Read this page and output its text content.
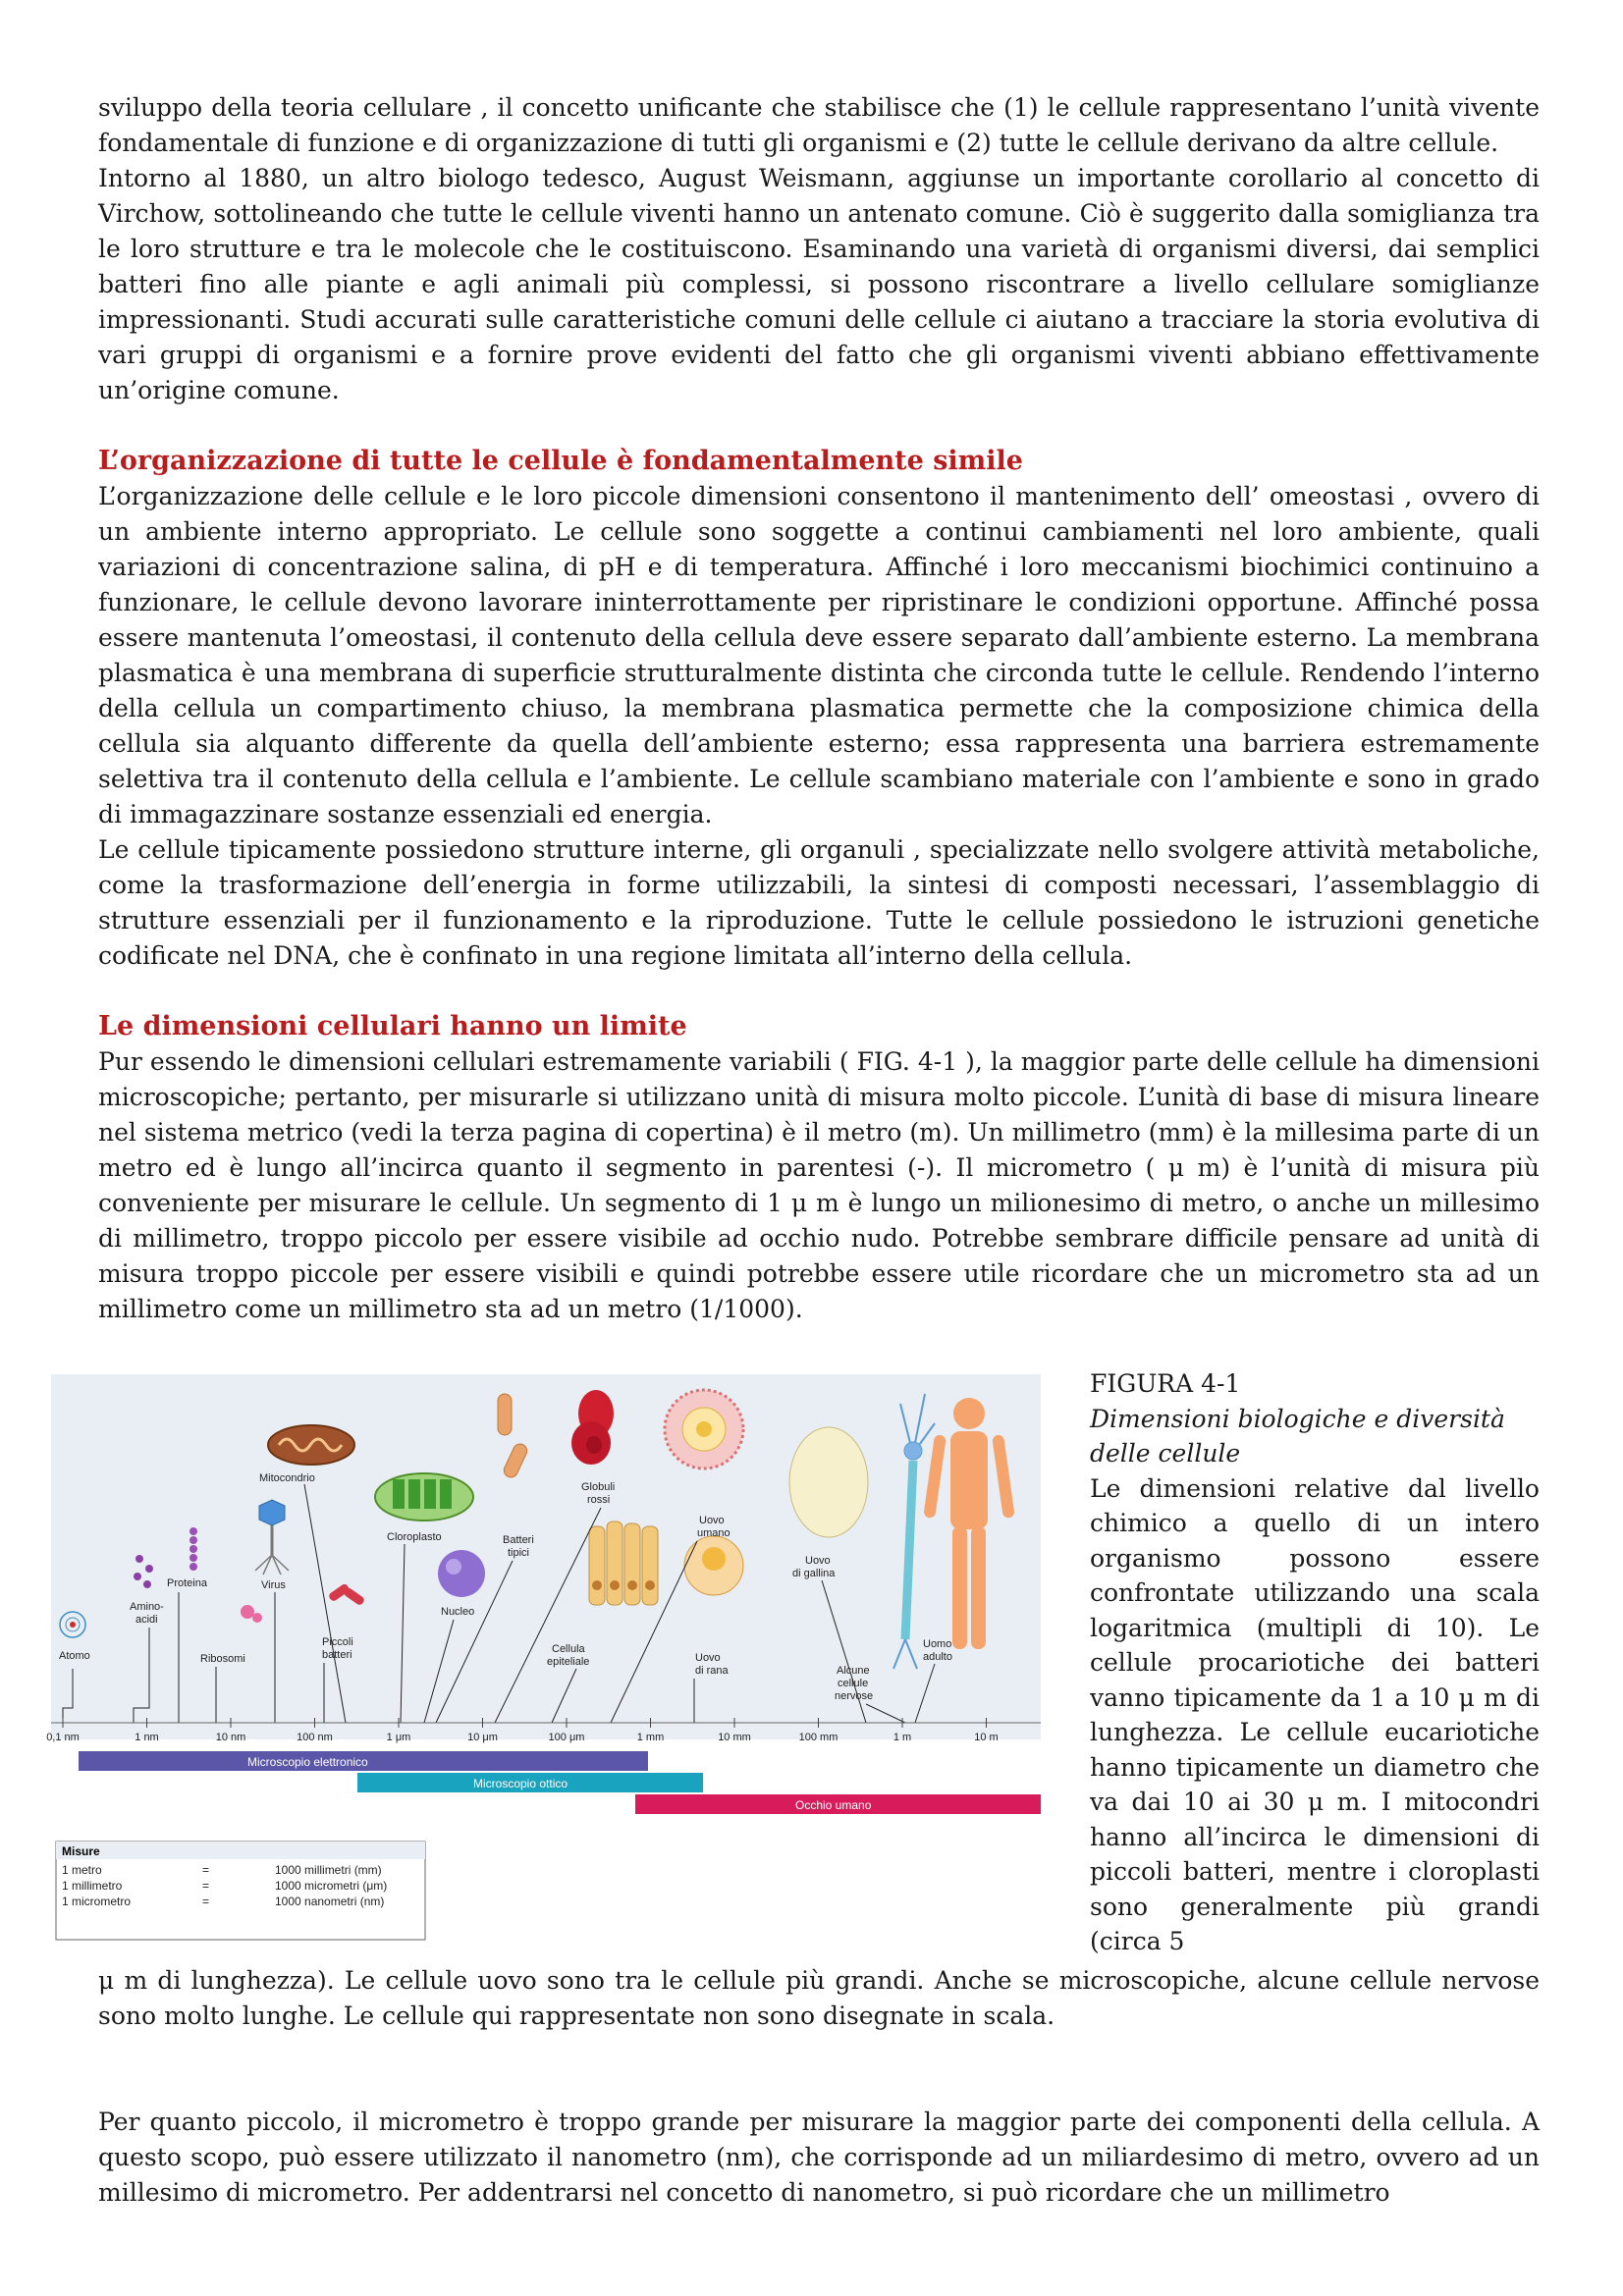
sviluppo della teoria cellulare , il concetto unificante che stabilisce che (1) le cellule rappresentano l’unità vivente fondamentale di funzione e di organizzazione di tutti gli organismi e (2) tutte le cellule derivano da altre cellule.

Intorno al 1880, un altro biologo tedesco, August Weismann, aggiunse un importante corollario al concetto di Virchow, sottolineando che tutte le cellule viventi hanno un antenato comune. Ciò è suggerito dalla somiglianza tra le loro strutture e tra le molecole che le costituiscono. Esaminando una varietà di organismi diversi, dai semplici batteri fino alle piante e agli animali più complessi, si possono riscontrare a livello cellulare somiglianze impressionanti. Studi accurati sulle caratteristiche comuni delle cellule ci aiutano a tracciare la storia evolutiva di vari gruppi di organismi e a fornire prove evidenti del fatto che gli organismi viventi abbiano effettivamente un’origine comune.

L’organizzazione di tutte le cellule è fondamentalmente simile

L’organizzazione delle cellule e le loro piccole dimensioni consentono il mantenimento dell’ omeostasi , ovvero di un ambiente interno appropriato. Le cellule sono soggette a continui cambiamenti nel loro ambiente, quali variazioni di concentrazione salina, di pH e di temperatura. Affinché i loro meccanismi biochimici continuino a funzionare, le cellule devono lavorare ininterrottamente per ripristinare le condizioni opportune. Affinché possa essere mantenuta l’omeostasi, il contenuto della cellula deve essere separato dall’ambiente esterno. La membrana plasmatica è una membrana di superficie strutturalmente distinta che circonda tutte le cellule. Rendendo l’interno della cellula un compartimento chiuso, la membrana plasmatica permette che la composizione chimica della cellula sia alquanto differente da quella dell’ambiente esterno; essa rappresenta una barriera estremamente selettiva tra il contenuto della cellula e l’ambiente. Le cellule scambiano materiale con l’ambiente e sono in grado di immagazzinare sostanze essenziali ed energia.

Le cellule tipicamente possiedono strutture interne, gli organuli , specializzate nello svolgere attività metaboliche, come la trasformazione dell’energia in forme utilizzabili, la sintesi di composti necessari, l’assemblaggio di strutture essenziali per il funzionamento e la riproduzione. Tutte le cellule possiedono le istruzioni genetiche codificate nel DNA, che è confinato in una regione limitata all’interno della cellula.

Le dimensioni cellulari hanno un limite

Pur essendo le dimensioni cellulari estremamente variabili ( FIG. 4-1 ), la maggior parte delle cellule ha dimensioni microscopiche; pertanto, per misurarle si utilizzano unità di misura molto piccole. L’unità di base di misura lineare nel sistema metrico (vedi la terza pagina di copertina) è il metro (m). Un millimetro (mm) è la millesima parte di un metro ed è lungo all’incirca quanto il segmento in parentesi (-). Il micrometro ( μ m) è l’unità di misura più conveniente per misurare le cellule. Un segmento di 1 μ m è lungo un milionesimo di metro, o anche un millesimo di millimetro, troppo piccolo per essere visibile ad occhio nudo. Potrebbe sembrare difficile pensare ad unità di misura troppo piccole per essere visibili e quindi potrebbe essere utile ricordare che un micrometro sta ad un millimetro come un millimetro sta ad un metro (1/1000).

Atomo
Amino-
acidi
Proteina
Ribosomi
Virus
Piccoli
batteri
Mitocondrio
Cloroplasto
Nucleo
Batteri
tipici
Globuli
rossi
Cellula
epiteliale
Uovo
umano
Uovo
di rana
Uovo
di gallina
Alcune
cellule
nervose
Uomo
adulto
0,1 nm	1 nm	10 nm	100 nm	1 μm	10 μm	100 μm	1 mm	10 mm	100 mm	1 m	10 m
Microscopio elettronico
Microscopio ottico
Occhio umano
Misure
1 metro	=	1000 millimetri (mm)
1 millimetro	=	1000 micrometri (μm)
1 micrometro	=	1000 nanometri (nm)
FIGURA 4-1
Dimensioni biologiche e diversità delle cellule
Le dimensioni relative dal livello chimico a quello di un intero organismo possono essere confrontate utilizzando una scala logaritmica (multipli di 10). Le cellule procariotiche dei batteri vanno tipicamente da 1 a 10 μ m di lunghezza. Le cellule eucariotiche hanno tipicamente un diametro che va dai 10 ai 30 μ m. I mitocondri hanno all’incirca le dimensioni di piccoli batteri, mentre i cloroplasti sono generalmente più grandi (circa 5

μ m di lunghezza). Le cellule uovo sono tra le cellule più grandi. Anche se microscopiche, alcune cellule nervose sono molto lunghe. Le cellule qui rappresentate non sono disegnate in scala.

Per quanto piccolo, il micrometro è troppo grande per misurare la maggior parte dei componenti della cellula. A questo scopo, può essere utilizzato il nanometro (nm), che corrisponde ad un miliardesimo di metro, ovvero ad un millesimo di micrometro. Per addentrarsi nel concetto di nanometro, si può ricordare che un millimetro
